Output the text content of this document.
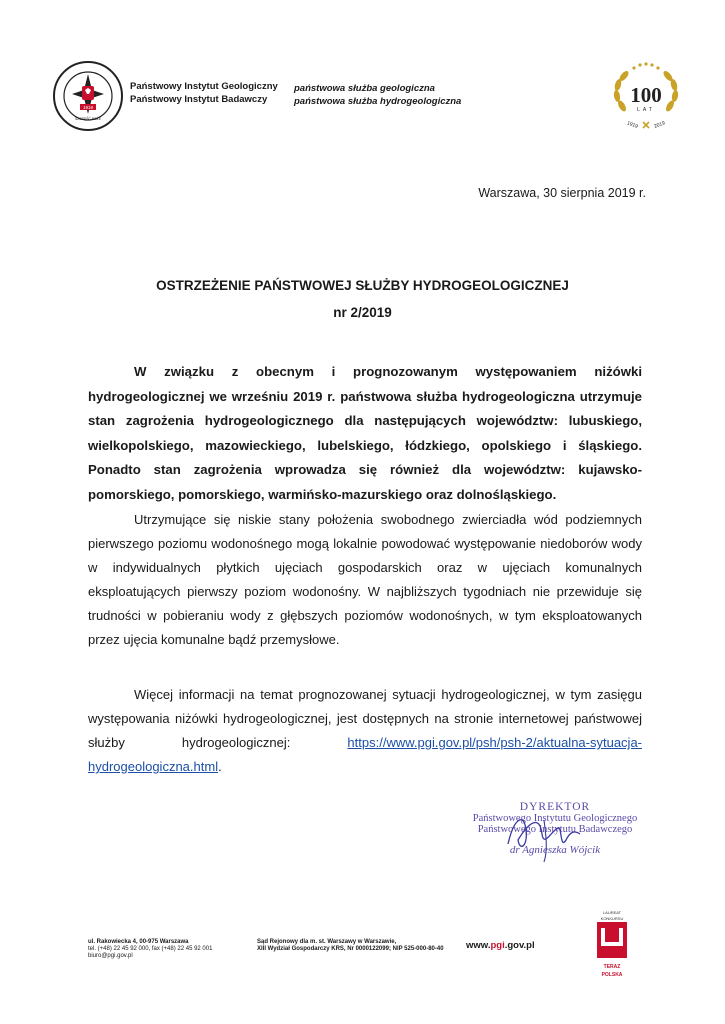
1919
SZCZĘŚĆ BOŻE
Państwowy Instytut Geologiczny
Państwowy Instytut Badawczy
państwowa służba geologiczna
państwowa służba hydrogeologiczna	100
LAT
1919	2019
Warszawa, 30 sierpnia 2019 r.
OSTRZEŻENIE PAŃSTWOWEJ SŁUŻBY HYDROGEOLOGICZNEJ
nr 2/2019
W związku z obecnym i prognozowanym występowaniem niżówki hydrogeologicznej we wrześniu 2019 r. państwowa służba hydrogeologiczna utrzymuje stan zagrożenia hydrogeologicznego dla następujących województw: lubuskiego, wielkopolskiego, mazowieckiego, lubelskiego, łódzkiego, opolskiego i śląskiego. Ponadto stan zagrożenia wprowadza się również dla województw: kujawsko-pomorskiego, pomorskiego, warmińsko-mazurskiego oraz dolnośląskiego.
Utrzymujące się niskie stany położenia swobodnego zwierciadła wód podziemnych pierwszego poziomu wodonośnego mogą lokalnie powodować występowanie niedoborów wody w indywidualnych płytkich ujęciach gospodarskich oraz w ujęciach komunalnych eksploatujących pierwszy poziom wodonośny. W najbliższych tygodniach nie przewiduje się trudności w pobieraniu wody z głębszych poziomów wodonośnych, w tym eksploatowanych przez ujęcia komunalne bądź przemysłowe.
Więcej informacji na temat prognozowanej sytuacji hydrogeologicznej, w tym zasięgu występowania niżówki hydrogeologicznej, jest dostępnych na stronie internetowej państwowej służby hydrogeologicznej: https://www.pgi.gov.pl/psh/psh-2/aktualna-sytuacja-hydrogeologiczna.html.
DYREKTOR
Państwowego Instytutu Geologicznego
Państwowego Instytutu Badawczego
dr Agnieszka Wójcik
ul. Rakowiecka 4, 00-975 Warszawa
tel. (+48) 22 45 92 000, fax (+48) 22 45 92 001
biuro@pgi.gov.pl
Sąd Rejonowy dla m. st. Warszawy w Warszawie,
XIII Wydział Gospodarczy KRS, Nr 0000122099; NIP 525-000-80-40 www.pgi.gov.pl
LAUREAT KONKURSU
TERAZ POLSKA
